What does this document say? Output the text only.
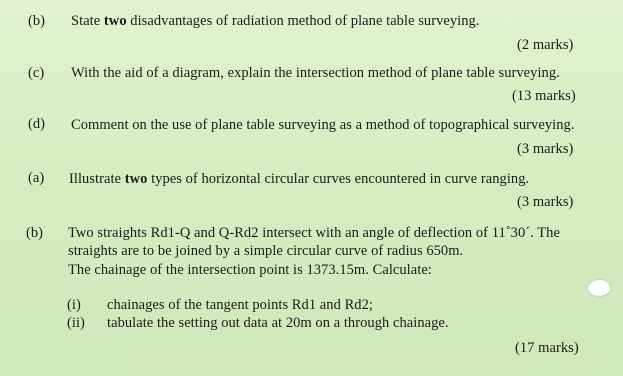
(b) State two disadvantages of radiation method of plane table surveying.
(2 marks)
(c) With the aid of a diagram, explain the intersection method of plane table surveying.
(13 marks)
(d) Comment on the use of plane table surveying as a method of topographical surveying.
(3 marks)
(a) Illustrate two types of horizontal circular curves encountered in curve ranging.
(3 marks)
(b) Two straights Rd1-Q and Q-Rd2 intersect with an angle of deflection of 11˚30´. The
straights are to be joined by a simple circular curve of radius 650m.
The chainage of the intersection point is 1373.15m. Calculate:
(i) chainages of the tangent points Rd1 and Rd2;
(ii) tabulate the setting out data at 20m on a through chainage.
(17 marks)
